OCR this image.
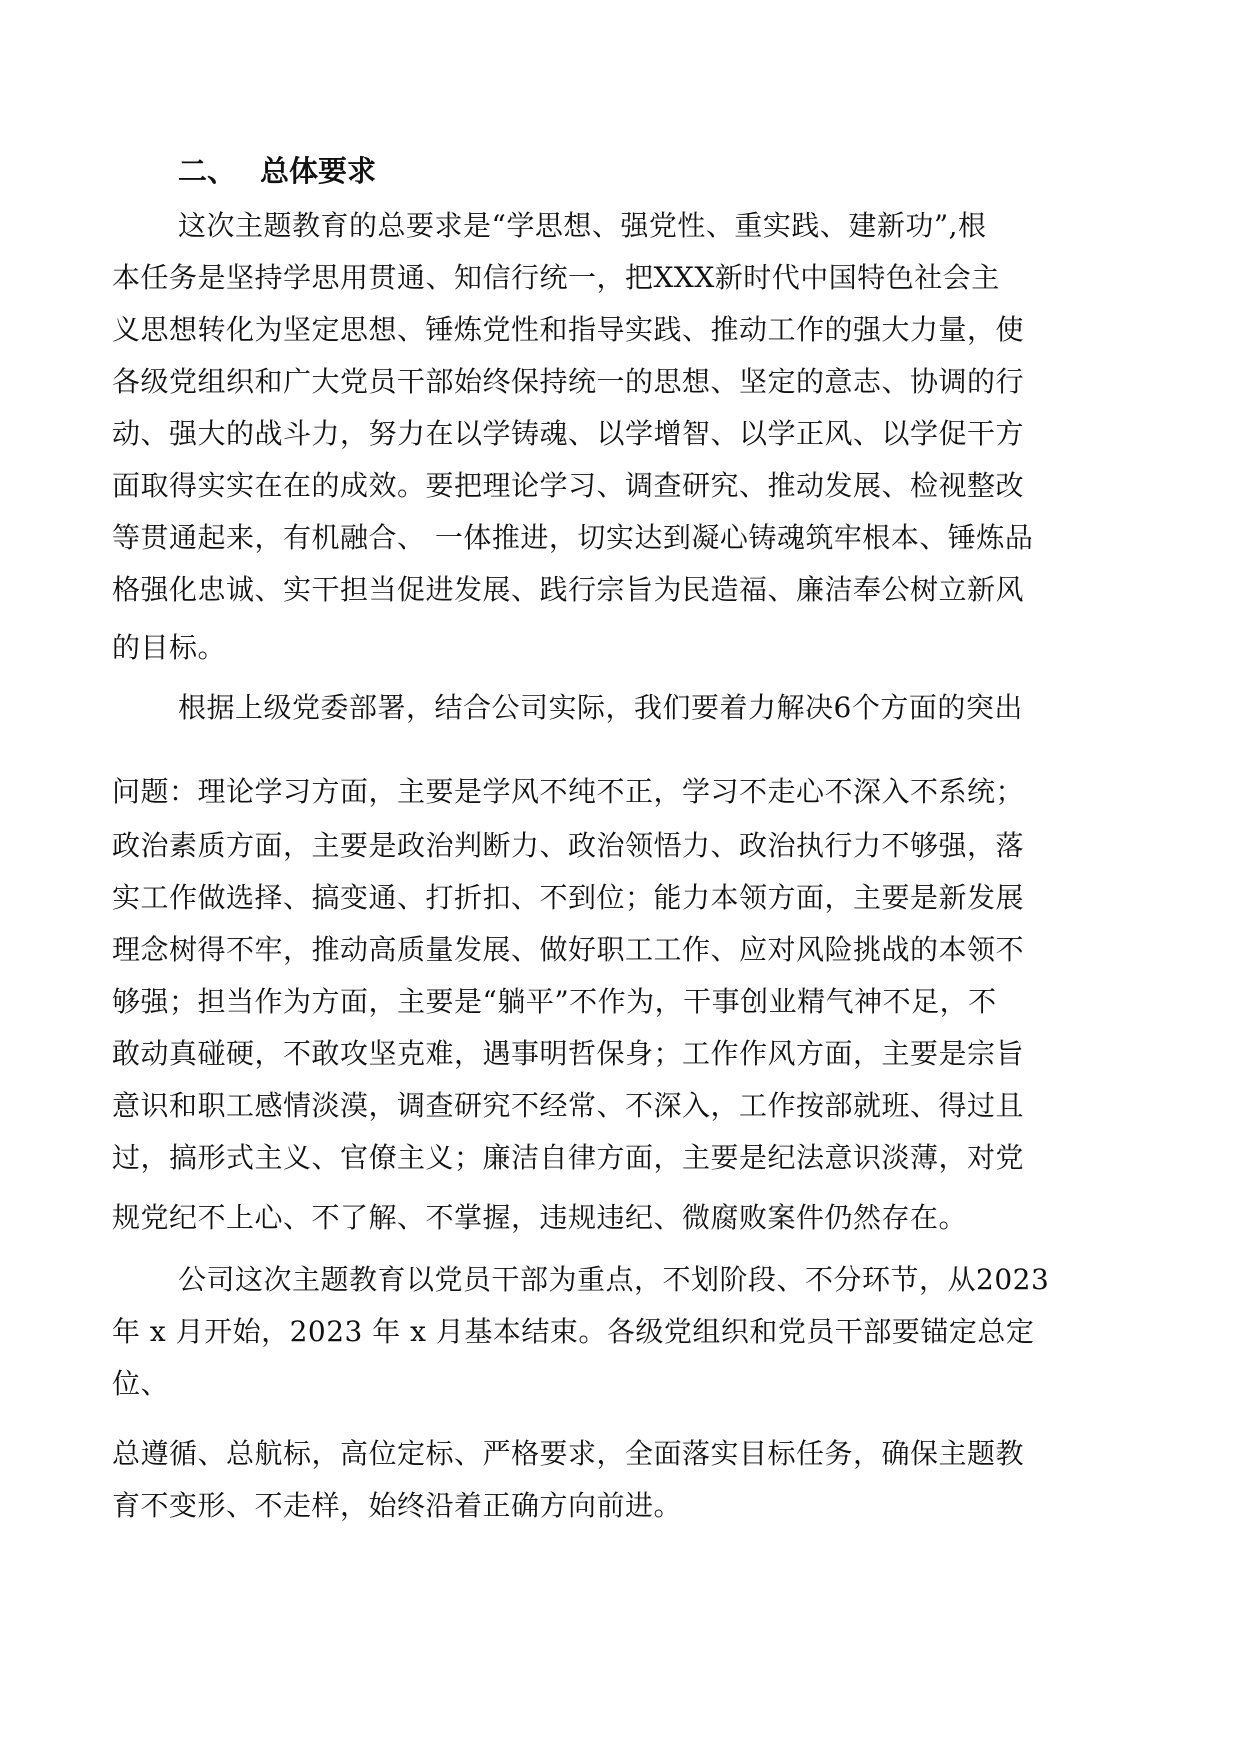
二、 总体要求
这次主题教育的总要求是“学思想、强党性、重实践、建新功”,根
本任务是坚持学思用贯通、知信行统一，把XXX新时代中国特色社会主
义思想转化为坚定思想、锤炼党性和指导实践、推动工作的强大力量，使
各级党组织和广大党员干部始终保持统一的思想、坚定的意志、协调的行
动、强大的战斗力，努力在以学铸魂、以学增智、以学正风、以学促干方
面取得实实在在的成效。要把理论学习、调查研究、推动发展、检视整改
等贯通起来，有机融合、 一体推进，切实达到凝心铸魂筑牢根本、锤炼品
格强化忠诚、实干担当促进发展、践行宗旨为民造福、廉洁奉公树立新风
的目标。
根据上级党委部署，结合公司实际，我们要着力解决6个方面的突出
问题：理论学习方面，主要是学风不纯不正，学习不走心不深入不系统；
政治素质方面，主要是政治判断力、政治领悟力、政治执行力不够强，落
实工作做选择、搞变通、打折扣、不到位；能力本领方面，主要是新发展
理念树得不牢，推动高质量发展、做好职工工作、应对风险挑战的本领不
够强；担当作为方面，主要是“躺平”不作为，干事创业精气神不足，不
敢动真碰硬，不敢攻坚克难，遇事明哲保身；工作作风方面，主要是宗旨
意识和职工感情淡漠，调查研究不经常、不深入，工作按部就班、得过且
过，搞形式主义、官僚主义；廉洁自律方面，主要是纪法意识淡薄，对党
规党纪不上心、不了解、不掌握，违规违纪、微腐败案件仍然存在。
公司这次主题教育以党员干部为重点，不划阶段、不分环节，从2023
年 x 月开始，2023 年 x 月基本结束。各级党组织和党员干部要锚定总定
位、
总遵循、总航标，高位定标、严格要求，全面落实目标任务，确保主题教
育不变形、不走样，始终沿着正确方向前进。
